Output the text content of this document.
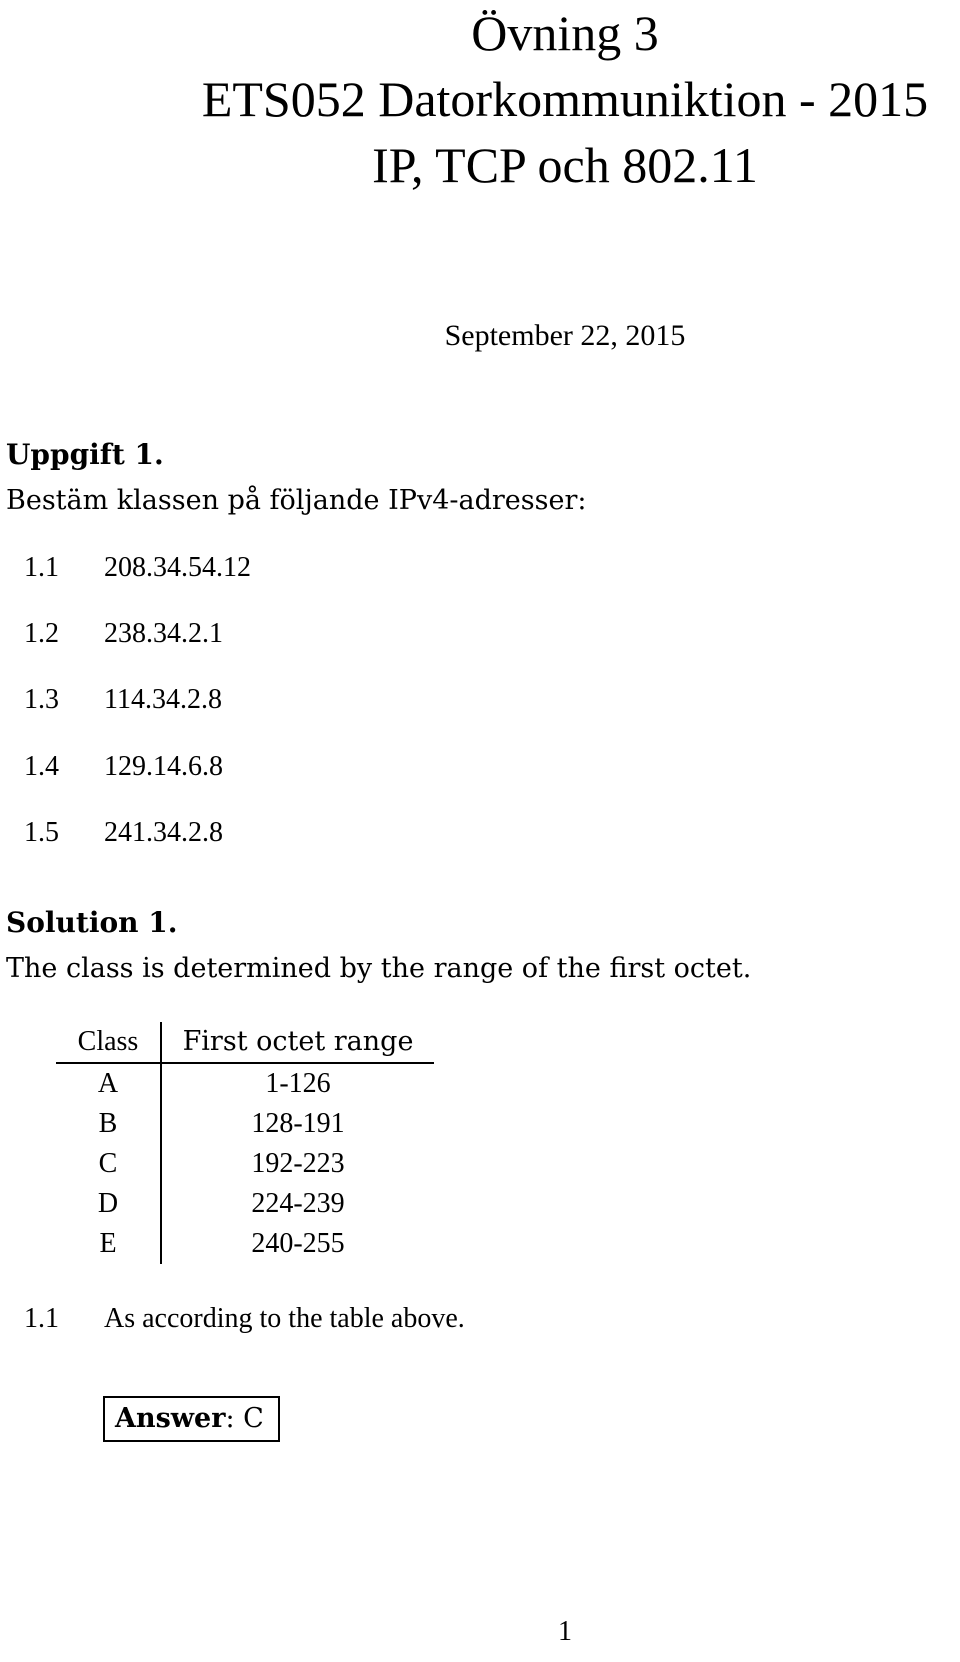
Övning 3
ETS052 Datorkommuniktion - 2015
IP, TCP och 802.11
September 22, 2015
Uppgift 1.
Bestäm klassen på följande IPv4-adresser:
1.1 208.34.54.12
1.2 238.34.2.1
1.3 114.34.2.8
1.4 129.14.6.8
1.5 241.34.2.8
Solution 1.
The class is determined by the range of the first octet.
Class	First octet range
A	1-126
B	128-191
C	192-223
D	224-239
E	240-255
1.1 As according to the table above.
Answer: C
1
